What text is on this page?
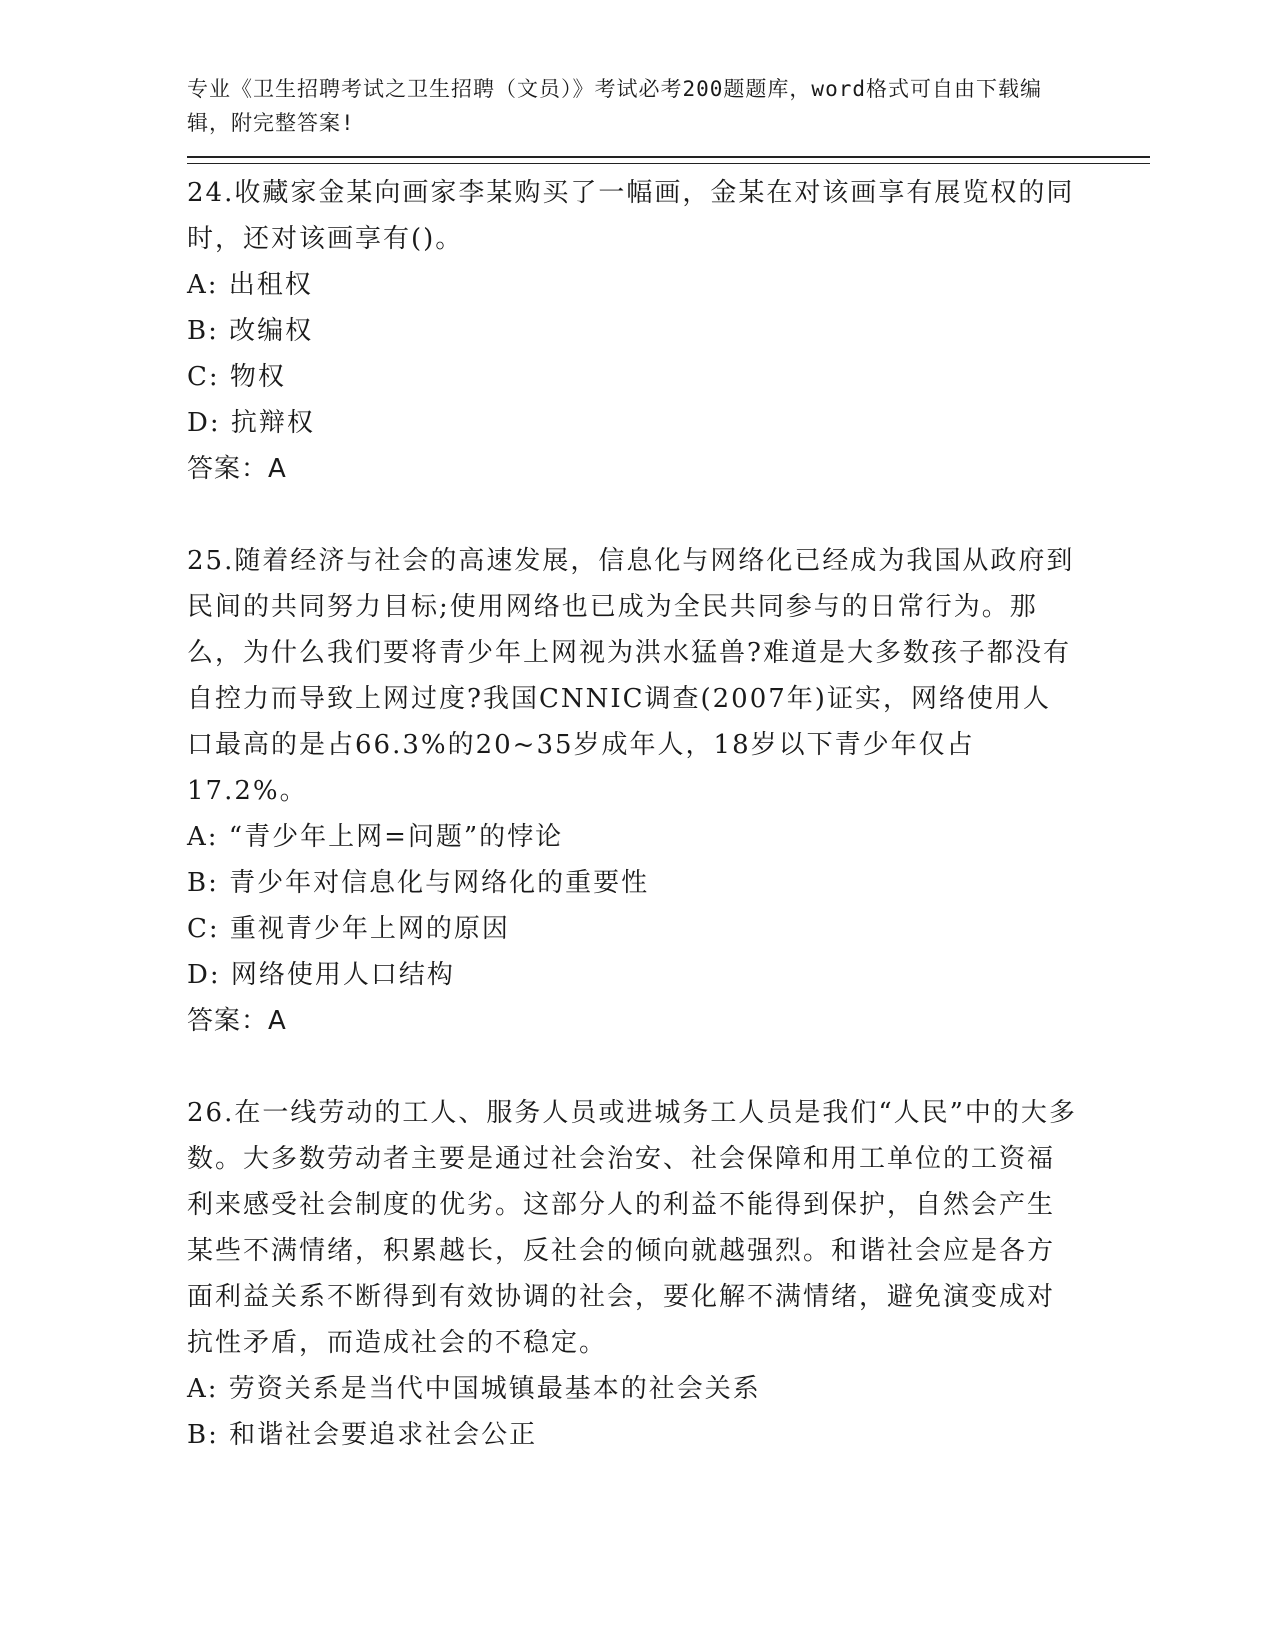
专业《卫生招聘考试之卫生招聘（文员）》考试必考200题题库，word格式可自由下载编辑，附完整答案!

24.收藏家金某向画家李某购买了一幅画，金某在对该画享有展览权的同时，还对该画享有()。

A: 出租权

B: 改编权

C: 物权

D: 抗辩权

答案：A

25.随着经济与社会的高速发展，信息化与网络化已经成为我国从政府到民间的共同努力目标;使用网络也已成为全民共同参与的日常行为。那么，为什么我们要将青少年上网视为洪水猛兽?难道是大多数孩子都没有自控力而导致上网过度?我国CNNIC调查(2007年)证实，网络使用人口最高的是占66.3%的20~35岁成年人，18岁以下青少年仅占17.2%。

A: “青少年上网=问题”的悖论

B: 青少年对信息化与网络化的重要性

C: 重视青少年上网的原因

D: 网络使用人口结构

答案：A

26.在一线劳动的工人、服务人员或进城务工人员是我们“人民”中的大多数。大多数劳动者主要是通过社会治安、社会保障和用工单位的工资福利来感受社会制度的优劣。这部分人的利益不能得到保护，自然会产生某些不满情绪，积累越长，反社会的倾向就越强烈。和谐社会应是各方面利益关系不断得到有效协调的社会，要化解不满情绪，避免演变成对抗性矛盾，而造成社会的不稳定。

A: 劳资关系是当代中国城镇最基本的社会关系

B: 和谐社会要追求社会公正
